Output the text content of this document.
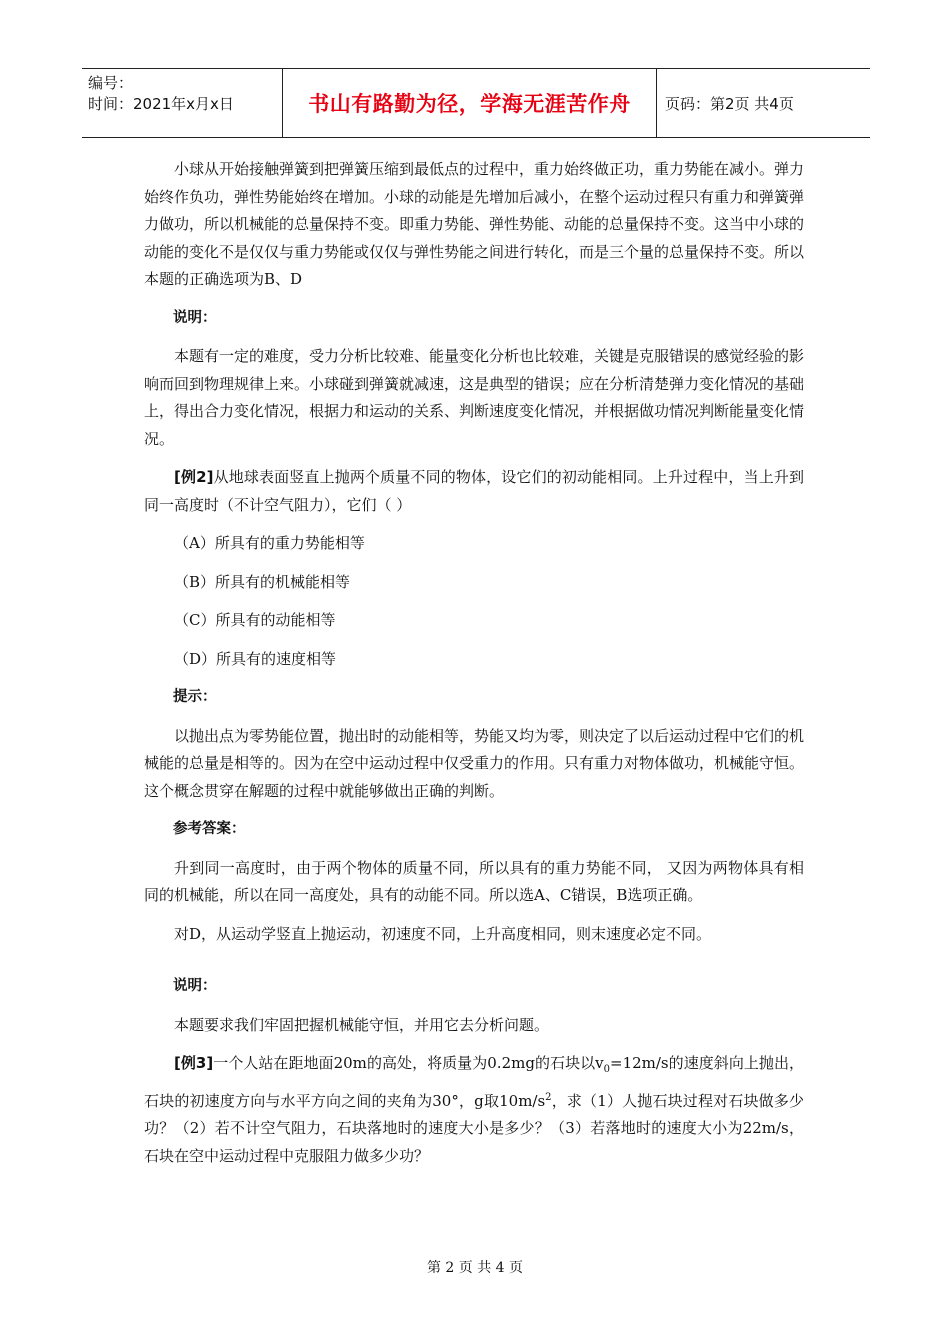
编号：
时间：2021年x月x日	书山有路勤为径，学海无涯苦作舟	页码：第2页 共4页

小球从开始接触弹簧到把弹簧压缩到最低点的过程中，重力始终做正功，重力势能在减小。弹力始终作负功，弹性势能始终在增加。小球的动能是先增加后减小，在整个运动过程只有重力和弹簧弹力做功，所以机械能的总量保持不变。即重力势能、弹性势能、动能的总量保持不变。这当中小球的动能的变化不是仅仅与重力势能或仅仅与弹性势能之间进行转化，而是三个量的总量保持不变。所以本题的正确选项为B、D

说明：

本题有一定的难度，受力分析比较难、能量变化分析也比较难，关键是克服错误的感觉经验的影响而回到物理规律上来。小球碰到弹簧就减速，这是典型的错误；应在分析清楚弹力变化情况的基础上，得出合力变化情况，根据力和运动的关系、判断速度变化情况，并根据做功情况判断能量变化情况。

[例2]从地球表面竖直上抛两个质量不同的物体，设它们的初动能相同。上升过程中，当上升到同一高度时（不计空气阻力），它们（ ）

（A）所具有的重力势能相等

（B）所具有的机械能相等

（C）所具有的动能相等

（D）所具有的速度相等

提示：

以抛出点为零势能位置，抛出时的动能相等，势能又均为零，则决定了以后运动过程中它们的机械能的总量是相等的。因为在空中运动过程中仅受重力的作用。只有重力对物体做功，机械能守恒。这个概念贯穿在解题的过程中就能够做出正确的判断。

参考答案：

升到同一高度时，由于两个物体的质量不同，所以具有的重力势能不同， 又因为两物体具有相同的机械能，所以在同一高度处，具有的动能不同。所以选A、C错误，B选项正确。

对D，从运动学竖直上抛运动，初速度不同，上升高度相同，则末速度必定不同。

说明：

本题要求我们牢固把握机械能守恒，并用它去分析问题。

[例3]一个人站在距地面20m的高处，将质量为0.2mg的石块以$v_0=12m/s$的速度斜向上抛出，石块的初速度方向与水平方向之间的夹角为30°，g取$10m/s^2$，求（1）人抛石块过程对石块做多少功？（2）若不计空气阻力，石块落地时的速度大小是多少？（3）若落地时的速度大小为22m/s，石块在空中运动过程中克服阻力做多少功？

第 2 页 共 4 页
